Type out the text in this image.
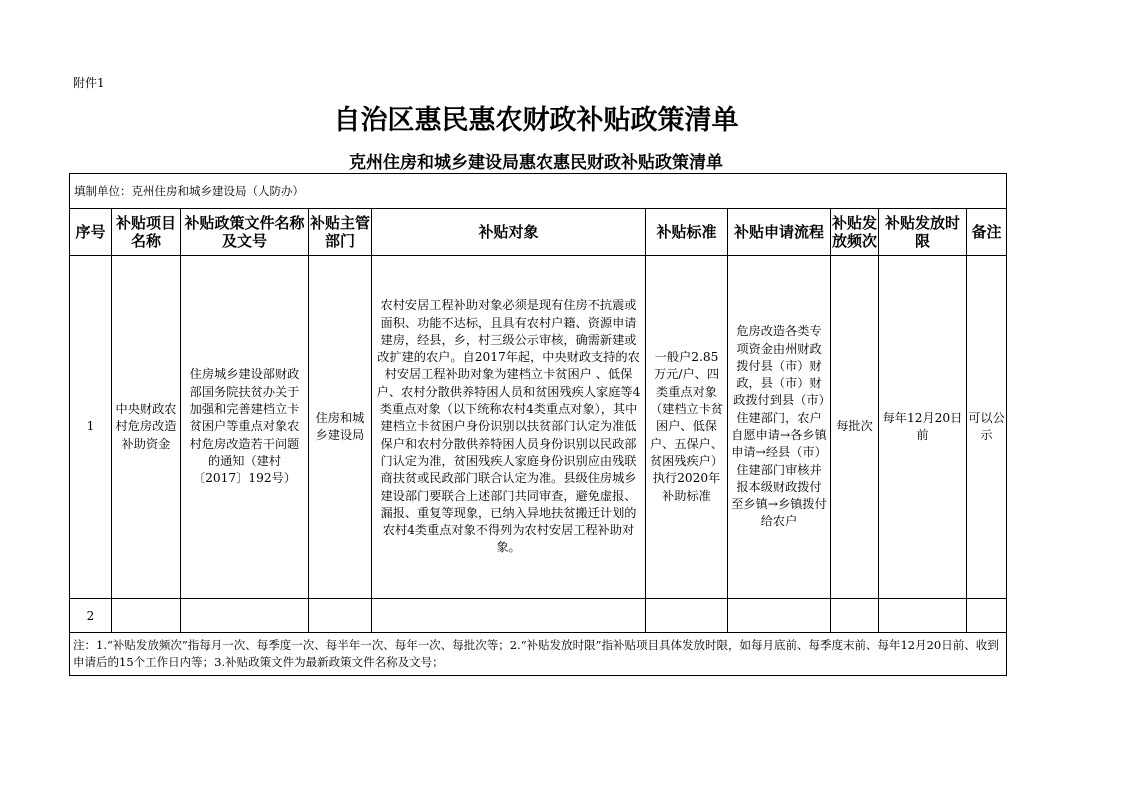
附件1
自治区惠民惠农财政补贴政策清单
克州住房和城乡建设局惠农惠民财政补贴政策清单
填制单位：克州住房和城乡建设局（人防办）									
序号	补贴项目名称	补贴政策文件名称及文号	补贴主管部门	补贴对象	补贴标准	补贴申请流程	补贴发放频次	补贴发放时限	备注
1	中央财政农村危房改造补助资金	住房城乡建设部财政部国务院扶贫办关于加强和完善建档立卡贫困户等重点对象农村危房改造若干问题的通知（建村〔2017〕192号）	住房和城乡建设局	农村安居工程补助对象必须是现有住房不抗震或面积、功能不达标，且具有农村户籍、资源申请建房，经县，乡，村三级公示审核，确需新建或改扩建的农户。自2017年起，中央财政支持的农村安居工程补助对象为建档立卡贫困户 、低保户、农村分散供养特困人员和贫困残疾人家庭等4类重点对象（以下统称农村4类重点对象），其中建档立卡贫困户身份识别以扶贫部门认定为准低保户和农村分散供养特困人员身份识别以民政部门认定为准，贫困残疾人家庭身份识别应由残联商扶贫或民政部门联合认定为准。县级住房城乡建设部门要联合上述部门共同审查，避免虚报、漏报、重复等现象，已纳入异地扶贫搬迁计划的农村4类重点对象不得列为农村安居工程补助对象。	一般户2.85万元/户、四类重点对象（建档立卡贫困户、低保户、五保户、贫困残疾户）执行2020年补助标准	危房改造各类专项资金由州财政拨付县（市）财政，县（市）财政拨付到县（市）住建部门，农户自愿申请→各乡镇申请→经县（市）住建部门审核并报本级财政拨付至乡镇→乡镇拨付给农户	每批次	每年12月20日前	可以公示
2									
注：1.“补贴发放频次”指每月一次、每季度一次、每半年一次、每年一次、每批次等；2.“补贴发放时限”指补贴项目具体发放时限，如每月底前、每季度末前、每年12月20日前、收到申请后的15个工作日内等；3.补贴政策文件为最新政策文件名称及文号；									
